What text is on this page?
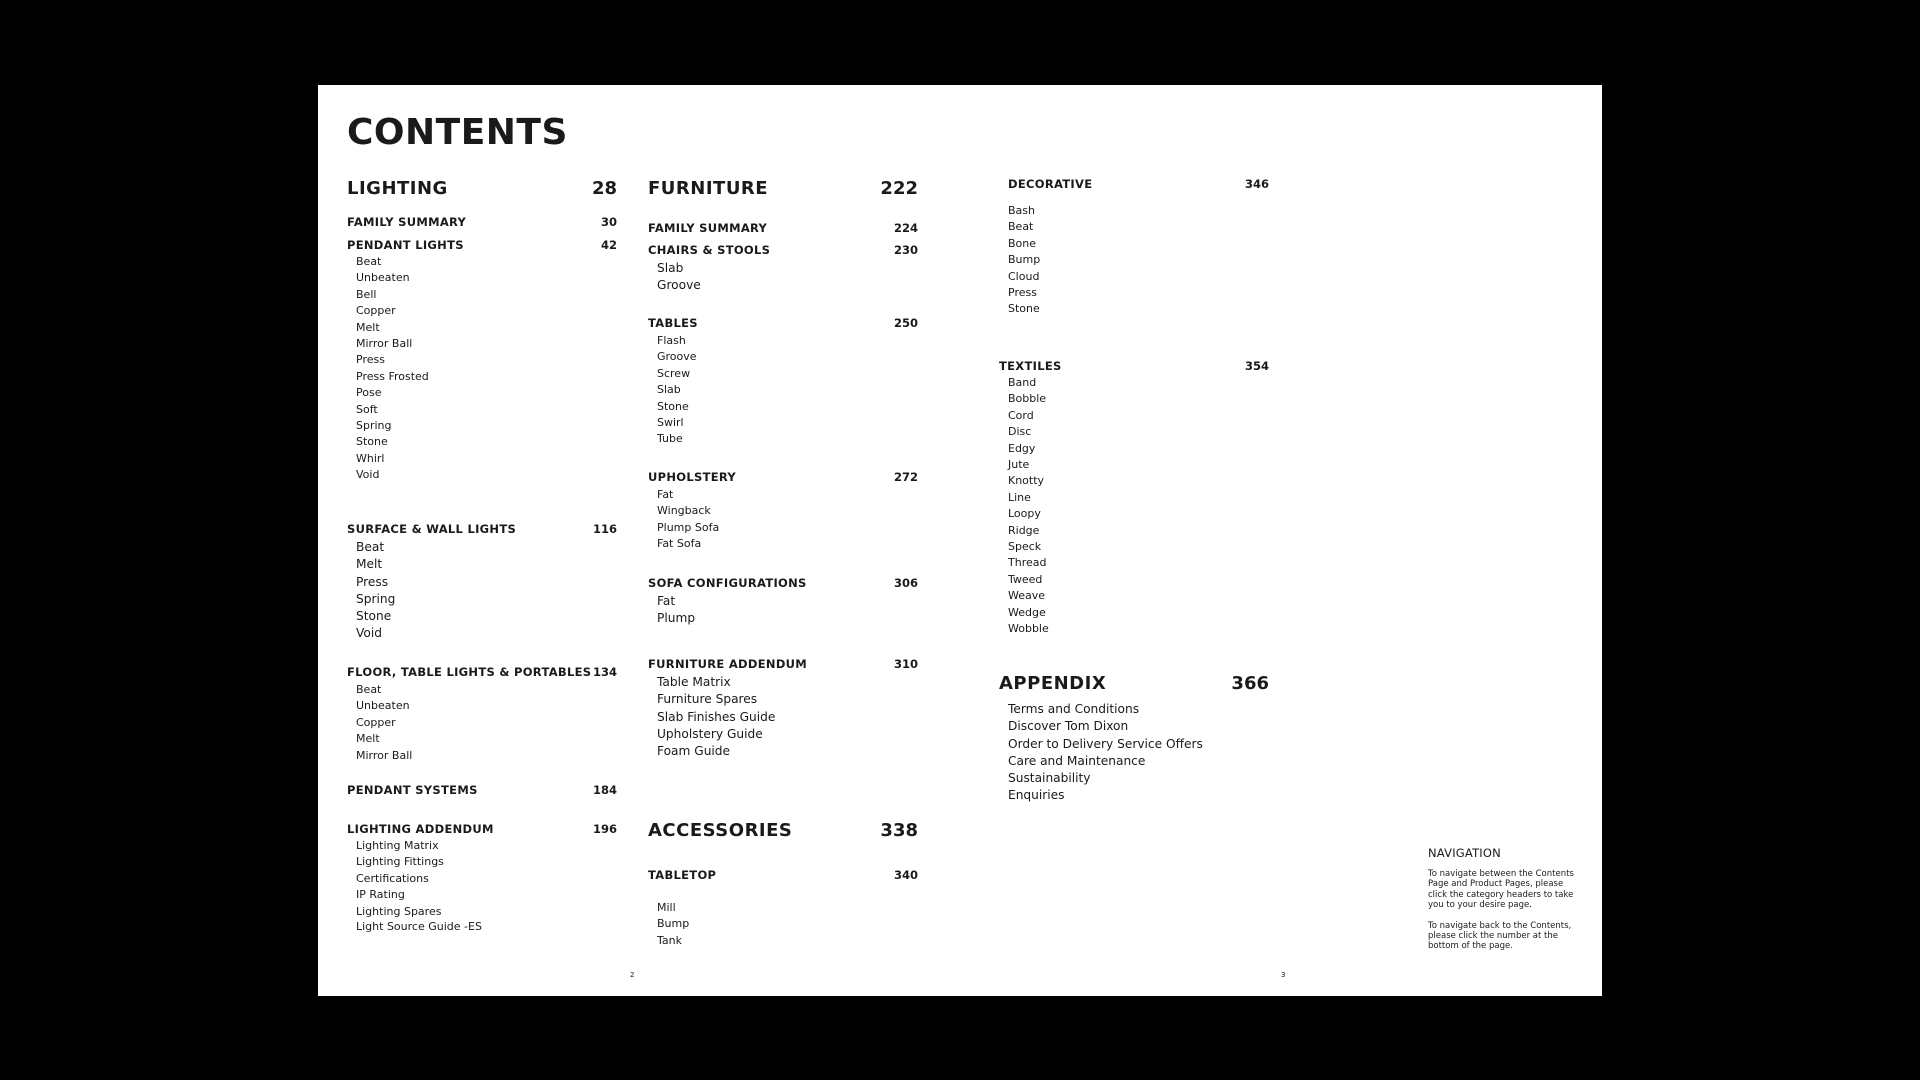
CONTENTS
LIGHTING	28
FAMILY SUMMARY	30
PENDANT LIGHTS	42
Beat
Unbeaten
Bell
Copper
Melt
Mirror Ball
Press
Press Frosted
Pose
Soft
Spring
Stone
Whirl
Void
SURFACE & WALL LIGHTS	116
Beat
Melt
Press
Spring
Stone
Void
FLOOR, TABLE LIGHTS & PORTABLES 134
Beat
Unbeaten
Copper
Melt
Mirror Ball
PENDANT SYSTEMS	184
LIGHTING ADDENDUM	196
Lighting Matrix
Lighting Fittings
Certifications
IP Rating
Lighting Spares
Light Source Guide -ES
FURNITURE	222
FAMILY SUMMARY	224
CHAIRS & STOOLS	230
Slab
Groove
TABLES	250
Flash
Groove
Screw
Slab
Stone
Swirl
Tube
UPHOLSTERY	272
Fat
Wingback
Plump Sofa
Fat Sofa
SOFA CONFIGURATIONS	306
Fat
Plump
FURNITURE ADDENDUM	310
Table Matrix
Furniture Spares
Slab Finishes Guide
Upholstery Guide
Foam Guide
ACCESSORIES	338
TABLETOP	340
Mill
Bump
Tank
2
DECORATIVE	346
Bash
Beat
Bone
Bump
Cloud
Press
Stone
TEXTILES	354
Band
Bobble
Cord
Disc
Edgy
Jute
Knotty
Line
Loopy
Ridge
Speck
Thread
Tweed
Weave
Wedge
Wobble
APPENDIX	366
Terms and Conditions
Discover Tom Dixon
Order to Delivery Service Offers
Care and Maintenance
Sustainability
Enquiries
3
NAVIGATION
To navigate between the Contents Page and Product Pages, please click the category headers to take you to your desire page.
To navigate back to the Contents, please click the number at the bottom of the page.
